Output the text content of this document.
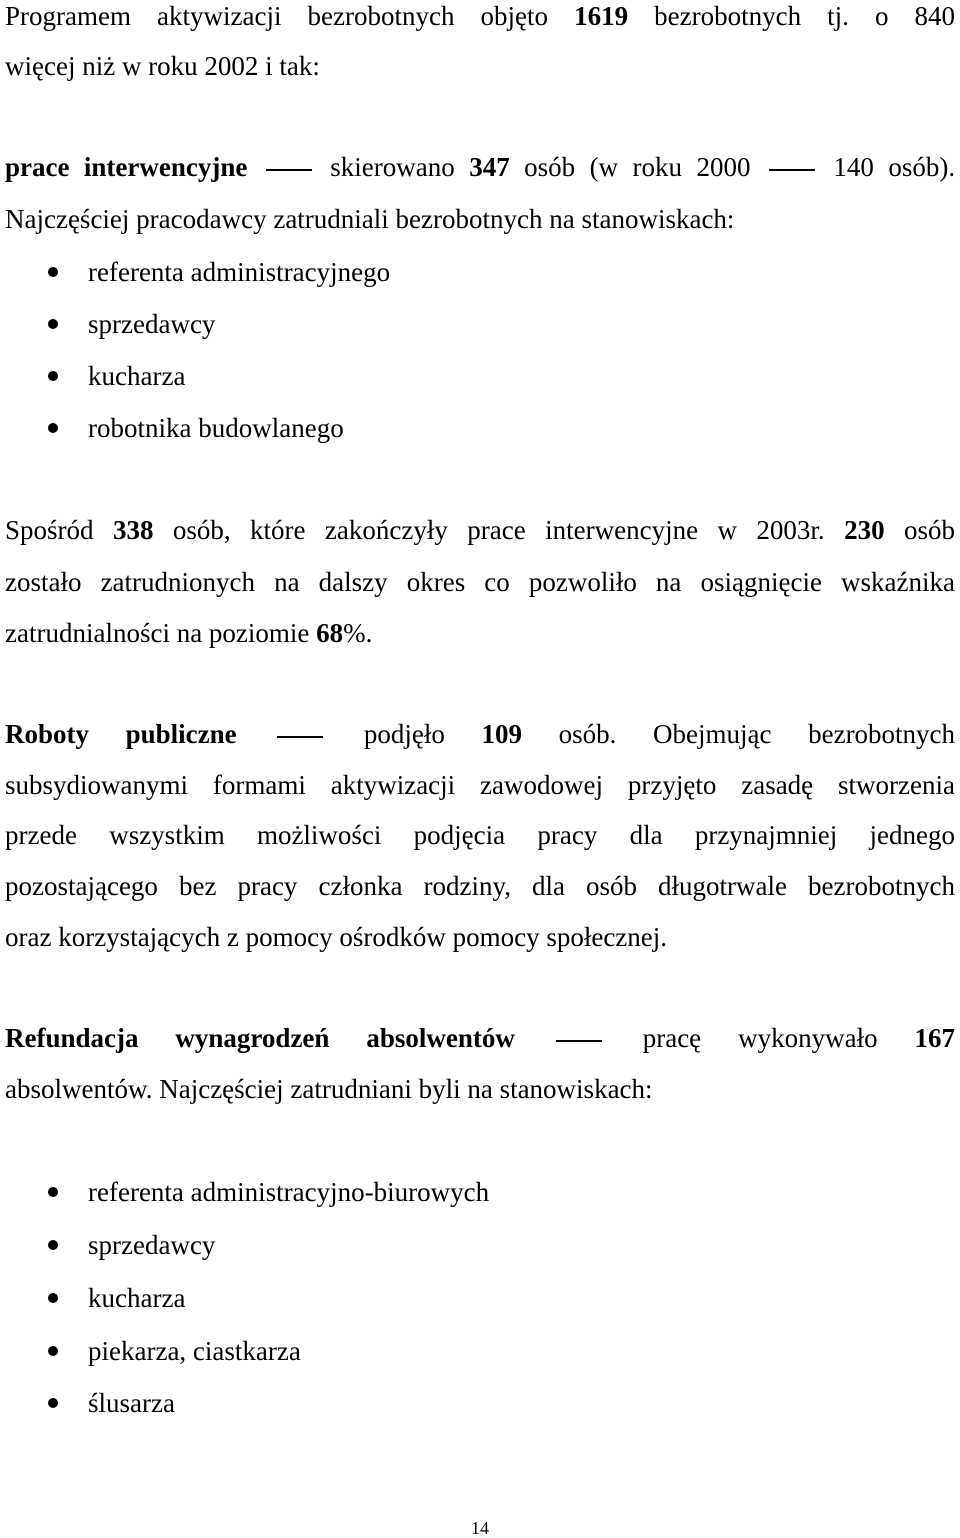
Programem aktywizacji bezrobotnych objęto 1619 bezrobotnych tj. o 840
więcej niż w roku 2002 i tak:
prace interwencyjne	skierowano 347 osób (w roku 2000	140 osób).
Najczęściej pracodawcy zatrudniali bezrobotnych na stanowiskach:
referenta administracyjnego
sprzedawcy
kucharza
robotnika budowlanego
Spośród 338 osób, które zakończyły prace interwencyjne w 2003r. 230 osób
zostało zatrudnionych na dalszy okres co pozwoliło na osiągnięcie wskaźnika
zatrudnialności na poziomie 68%.
Roboty publiczne	podjęło 109 osób. Obejmując bezrobotnych
subsydiowanymi formami aktywizacji zawodowej przyjęto zasadę stworzenia
przede wszystkim możliwości podjęcia pracy dla przynajmniej jednego
pozostającego bez pracy członka rodziny, dla osób długotrwale bezrobotnych
oraz korzystających z pomocy ośrodków pomocy społecznej.
Refundacja wynagrodzeń absolwentów	pracę wykonywało 167
absolwentów. Najczęściej zatrudniani byli na stanowiskach:
referenta administracyjno-biurowych
sprzedawcy
kucharza
piekarza, ciastkarza
ślusarza
14
